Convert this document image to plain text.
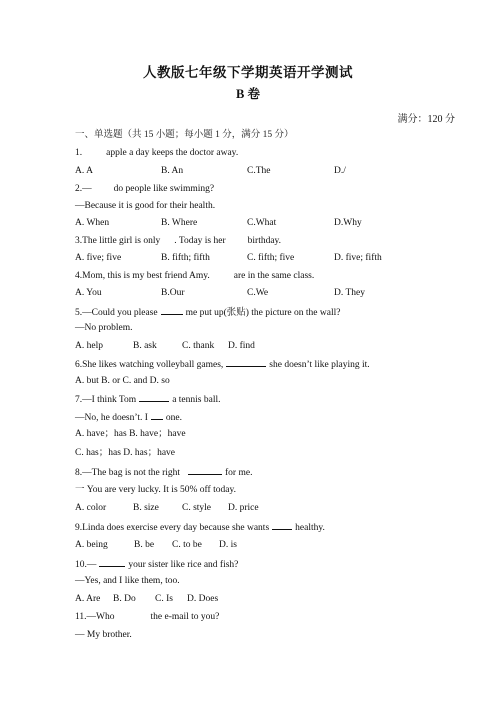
人教版七年级下学期英语开学测试
B 卷
满分：120 分
一、单选题（共 15 小题；每小题 1 分，满分 15 分）
1.	apple a day keeps the doctor away.
A. A	B. An	C.The	D./
2.— do people like swimming?
—Because it is good for their health.
A. When	B. Where	C.What	D.Why
3.The little girl is only . Today is her birthday.
A. five; five	B. fifth; fifth	C. fifth; five	D. five; fifth
4.Mom, this is my best friend Amy.	are in the same class.
A. You	B.Our	C.We	D. They
5.—Could you please	me put up(张贴) the picture on the wall?
—No problem.
A. help	B. ask	C. thank D. find
6.She likes watching volleyball games,	she doesn’t like playing it.
A. but B. or C. and D. so
7.—I think Tom	a tennis ball.
—No, he doesn’t. I one.
A. have；has B. have；have
C. has；has D. has；have
8.—The bag is not the right	for me.
一 You are very lucky. It is 50% off today.
A. color	B. size C. style D. price
9.Linda does exercise every day because she wants	healthy.
A. being	B. be C. to be D. is
10.—	your sister like rice and fish?
—Yes, and I like them, too.
A. Are B. Do C. Is D. Does
11.—Who	the e-mail to you?
— My brother.
